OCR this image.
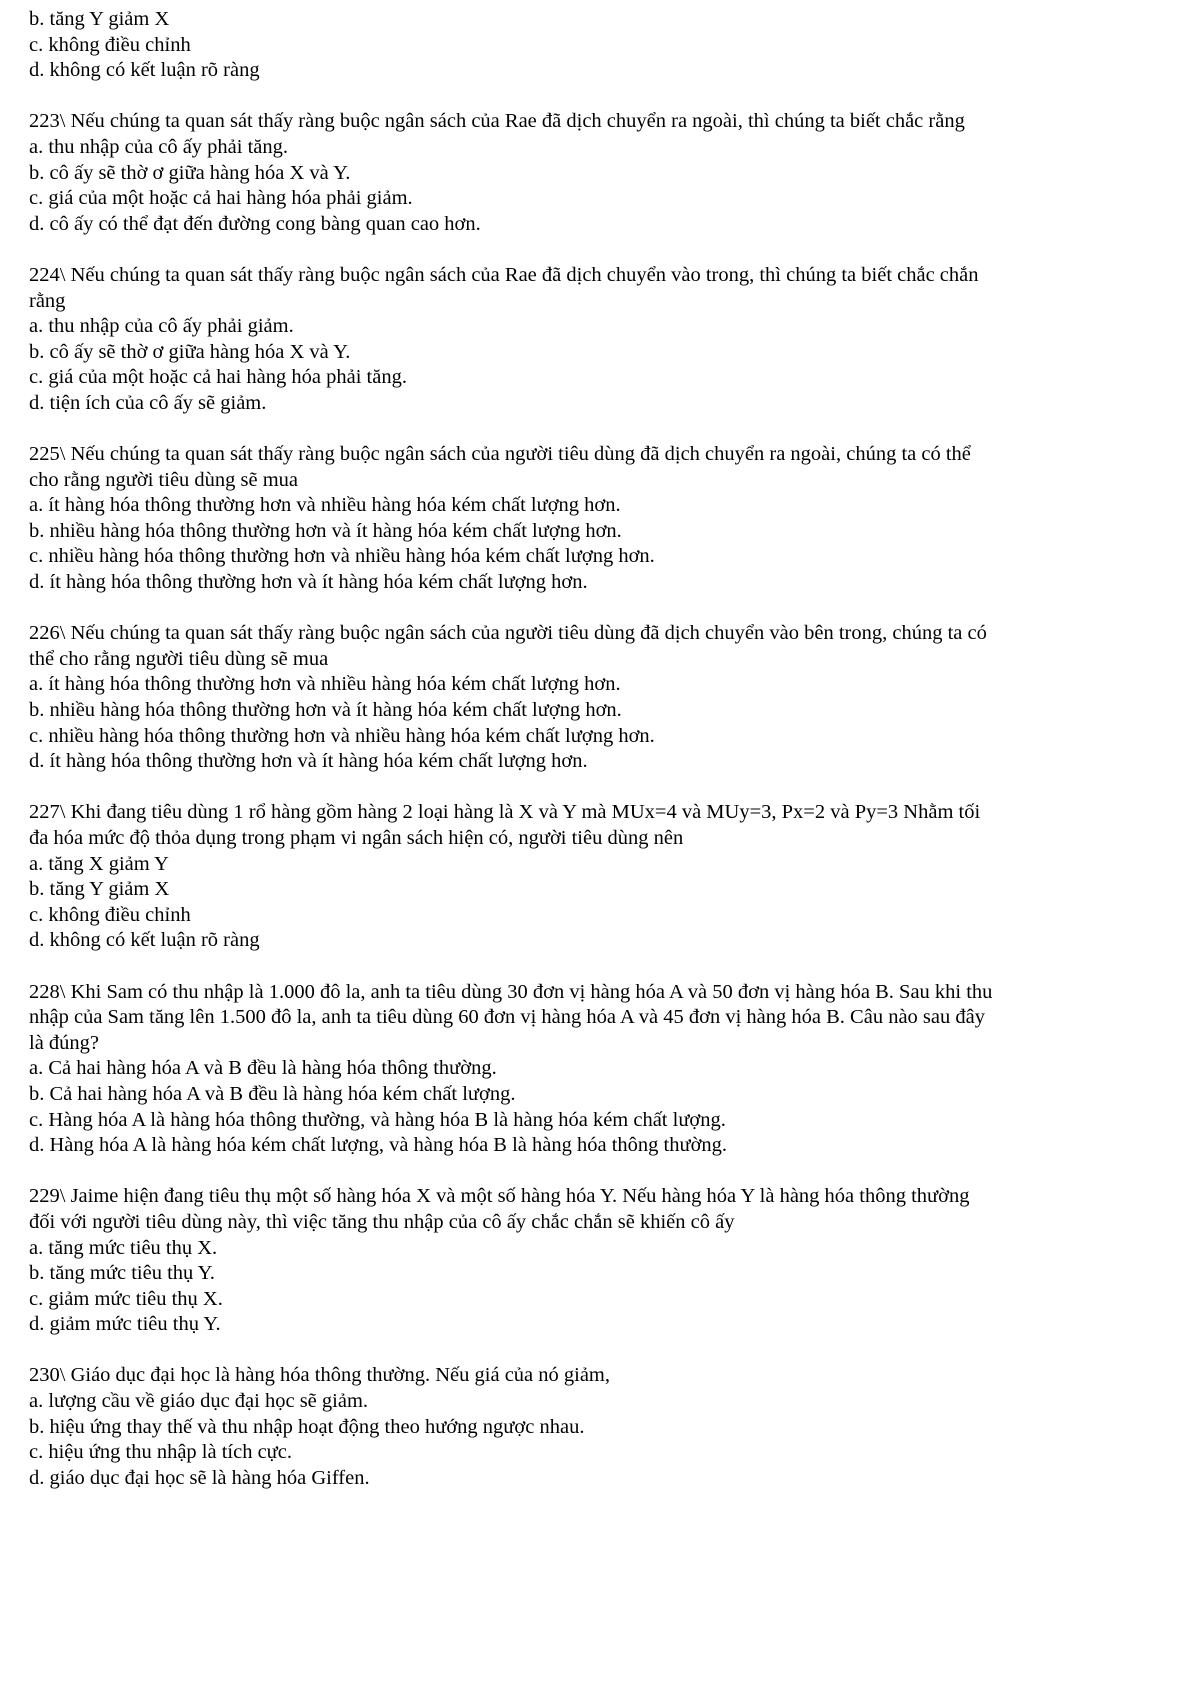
b. tăng Y giảm X
c. không điều chỉnh
d. không có kết luận rõ ràng
223\ Nếu chúng ta quan sát thấy ràng buộc ngân sách của Rae đã dịch chuyển ra ngoài, thì chúng ta biết chắc rằng
a. thu nhập của cô ấy phải tăng.
b. cô ấy sẽ thờ ơ giữa hàng hóa X và Y.
c. giá của một hoặc cả hai hàng hóa phải giảm.
d. cô ấy có thể đạt đến đường cong bàng quan cao hơn.
224\ Nếu chúng ta quan sát thấy ràng buộc ngân sách của Rae đã dịch chuyển vào trong, thì chúng ta biết chắc chắn
rằng
a. thu nhập của cô ấy phải giảm.
b. cô ấy sẽ thờ ơ giữa hàng hóa X và Y.
c. giá của một hoặc cả hai hàng hóa phải tăng.
d. tiện ích của cô ấy sẽ giảm.
225\ Nếu chúng ta quan sát thấy ràng buộc ngân sách của người tiêu dùng đã dịch chuyển ra ngoài, chúng ta có thể
cho rằng người tiêu dùng sẽ mua
a. ít hàng hóa thông thường hơn và nhiều hàng hóa kém chất lượng hơn.
b. nhiều hàng hóa thông thường hơn và ít hàng hóa kém chất lượng hơn.
c. nhiều hàng hóa thông thường hơn và nhiều hàng hóa kém chất lượng hơn.
d. ít hàng hóa thông thường hơn và ít hàng hóa kém chất lượng hơn.
226\ Nếu chúng ta quan sát thấy ràng buộc ngân sách của người tiêu dùng đã dịch chuyển vào bên trong, chúng ta có
thể cho rằng người tiêu dùng sẽ mua
a. ít hàng hóa thông thường hơn và nhiều hàng hóa kém chất lượng hơn.
b. nhiều hàng hóa thông thường hơn và ít hàng hóa kém chất lượng hơn.
c. nhiều hàng hóa thông thường hơn và nhiều hàng hóa kém chất lượng hơn.
d. ít hàng hóa thông thường hơn và ít hàng hóa kém chất lượng hơn.
227\ Khi đang tiêu dùng 1 rổ hàng gồm hàng 2 loại hàng là X và Y mà MUx=4 và MUy=3, Px=2 và Py=3 Nhằm tối
đa hóa mức độ thỏa dụng trong phạm vi ngân sách hiện có, người tiêu dùng nên
a. tăng X giảm Y
b. tăng Y giảm X
c. không điều chỉnh
d. không có kết luận rõ ràng
228\ Khi Sam có thu nhập là 1.000 đô la, anh ta tiêu dùng 30 đơn vị hàng hóa A và 50 đơn vị hàng hóa B. Sau khi thu
nhập của Sam tăng lên 1.500 đô la, anh ta tiêu dùng 60 đơn vị hàng hóa A và 45 đơn vị hàng hóa B. Câu nào sau đây
là đúng?
a. Cả hai hàng hóa A và B đều là hàng hóa thông thường.
b. Cả hai hàng hóa A và B đều là hàng hóa kém chất lượng.
c. Hàng hóa A là hàng hóa thông thường, và hàng hóa B là hàng hóa kém chất lượng.
d. Hàng hóa A là hàng hóa kém chất lượng, và hàng hóa B là hàng hóa thông thường.
229\ Jaime hiện đang tiêu thụ một số hàng hóa X và một số hàng hóa Y. Nếu hàng hóa Y là hàng hóa thông thường
đối với người tiêu dùng này, thì việc tăng thu nhập của cô ấy chắc chắn sẽ khiến cô ấy
a. tăng mức tiêu thụ X.
b. tăng mức tiêu thụ Y.
c. giảm mức tiêu thụ X.
d. giảm mức tiêu thụ Y.
230\ Giáo dục đại học là hàng hóa thông thường. Nếu giá của nó giảm,
a. lượng cầu về giáo dục đại học sẽ giảm.
b. hiệu ứng thay thế và thu nhập hoạt động theo hướng ngược nhau.
c. hiệu ứng thu nhập là tích cực.
d. giáo dục đại học sẽ là hàng hóa Giffen.
